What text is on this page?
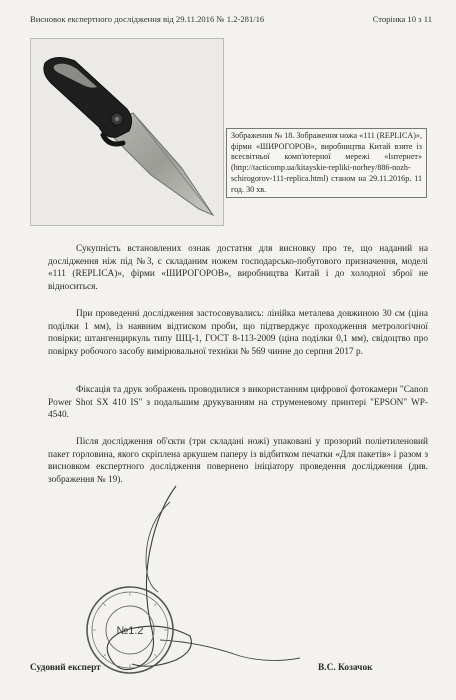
Висновок експертного дослідження від 29.11.2016 № 1.2-281/16	Сторінка 10 з 11
Зображення № 18. Зображення ножа «111 (REPLICA)», фірми «ШИРОГОРОВ», виробництва Китай взяте із всесвітньої комп'ютерної мережі «Інтернет» (http://tacticomp.ua/kitayskie-repliki-norhey/886-nozh-schirogorov-111-replica.html) станом на 29.11.2016р. 11 год. 30 хв.
Сукупність встановлених ознак достатня для висновку про те, що наданий на дослідження ніж під №3, є складаним ножем господарсько-побутового призначення, моделі «111 (REPLICA)», фірми «ШИРОГОРОВ», виробництва Китай і до холодної зброї не відноситься.
При проведенні дослідження застосовувались: лінійка металева довжиною 30 см (ціна поділки 1 мм), із наявним відтиском проби, що підтверджує проходження метрологічної повірки; штангенциркуль типу ШЦ-1, ГОСТ 8-113-2009 (ціна поділки 0,1 мм), свідоцтво про повірку робочого засобу вимірювальної техніки № 569 чинне до серпня 2017 р.
Фіксація та друк зображень проводилися з використанням цифрової фотокамери "Canon Power Shot SX 410 IS" з подальшим друкуванням на струменевому принтері "EPSON" WP-4540.
Після дослідження об'єкти (три складані ножі) упаковані у прозорий поліетиленовий пакет горловина, якого скріплена аркушем паперу із відбитком печатки «Для пакетів» і разом з висновком експертного дослідження повернено ініціатору проведення дослідження (див. зображення № 19).
№1.2
Судовий експерт	В.С. Козачок
